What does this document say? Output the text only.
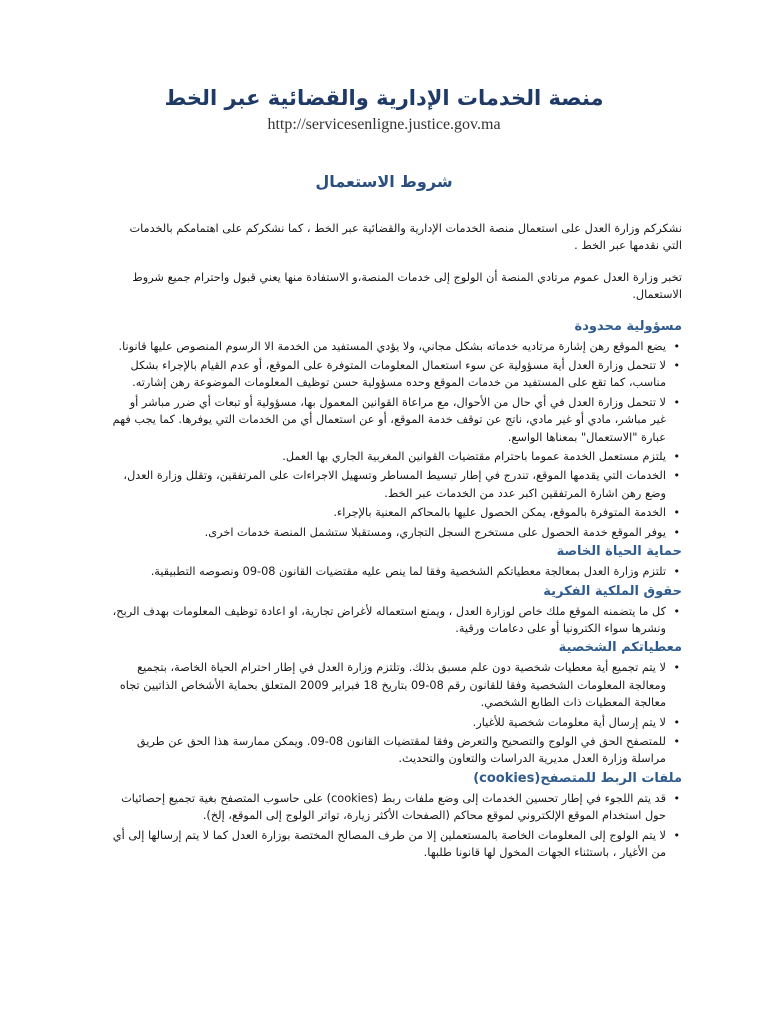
منصة الخدمات الإدارية والقضائية عبر الخط
http://servicesenligne.justice.gov.ma
شروط الاستعمال

نشكركم وزارة العدل على استعمال منصة الخدمات الإدارية والقضائية عبر الخط ، كما نشكركم على اهتمامكم بالخدمات التي نقدمها عبر الخط .

تخبر وزارة العدل عموم مرتادي المنصة أن الولوج إلى خدمات المنصة،و الاستفادة منها يعني قبول واحترام جميع شروط الاستعمال.

مسؤولية محدودة
• يضع الموقع رهن إشارة مرتاديه خدماته بشكل مجاني، ولا يؤدي المستفيد من الخدمة الا الرسوم المنصوص عليها قانونا.
• لا تتحمل وزارة العدل أية مسؤولية عن سوء استعمال المعلومات المتوفرة على الموقع، أو عدم القيام بالإجراء بشكل مناسب، كما تقع على المستفيد من خدمات الموقع وحده مسؤولية حسن توظيف المعلومات الموضوعة رهن إشارته.
• لا تتحمل وزارة العدل في أي حال من الأحوال، مع مراعاة القوانين المعمول بها، مسؤولية أو تبعات أي ضرر مباشر أو غير مباشر، مادي أو غير مادي، ناتج عن توقف خدمة الموقع، أو عن استعمال أي من الخدمات التي يوفرها. كما يجب فهم عبارة "الاستعمال" بمعناها الواسع.
• يلتزم مستعمل الخدمة عموما باحترام مقتضيات القوانين المغربية الجاري بها العمل.
• الخدمات التي يقدمها الموقع، تندرج في إطار تبسيط المساطر وتسهيل الاجراءات على المرتفقين، وتقلل وزارة العدل، وضع رهن اشارة المرتفقين اكبر عدد من الخدمات عبر الخط.
• الخدمة المتوفرة بالموقع، يمكن الحصول عليها بالمحاكم المعنية بالإجراء.
• يوفر الموقع خدمة الحصول على مستخرج السجل التجاري، ومستقبلا ستشمل المنصة خدمات اخرى.
حماية الحياة الخاصة
• تلتزم وزارة العدل بمعالجة معطياتكم الشخصية وفقا لما ينص عليه مقتضيات القانون 08-09 ونصوصه التطبيقية.
حقوق الملكية الفكرية
• كل ما يتضمنه الموقع ملك خاص لوزارة العدل ، ويمنع استعماله لأغراض تجارية، او اعادة توظيف المعلومات بهدف الربح، ونشرها سواء الكترونيا أو على دعامات ورقية.
معطياتكم الشخصية
• لا يتم تجميع أية معطيات شخصية دون علم مسبق بذلك. وتلتزم وزارة العدل في إطار احترام الحياة الخاصة، بتجميع ومعالجة المعلومات الشخصية وفقا للقانون رقم 08-09 بتاريخ 18 فبراير 2009 المتعلق بحماية الأشخاص الذاتيين تجاه معالجة المعطيات ذات الطابع الشخصي.
• لا يتم إرسال أية معلومات شخصية للأغيار.
• للمتصفح الحق في الولوج والتصحيح والتعرض وفقا لمقتضيات القانون 08-09. ويمكن ممارسة هذا الحق عن طريق مراسلة وزارة العدل مديرية الدراسات والتعاون والتحديث.
ملفات الربط للمتصفح(cookies)
• قد يتم اللجوء في إطار تحسين الخدمات إلى وضع ملفات ربط (cookies) على حاسوب المتصفح بغية تجميع إحصائيات حول استخدام الموقع الإلكتروني لموقع محاكم (الصفحات الأكثر زيارة، تواتر الولوج إلى الموقع، إلخ).
• لا يتم الولوج إلى المعلومات الخاصة بالمستعملين إلا من طرف المصالح المختصة بوزارة العدل كما لا يتم إرسالها إلى أي من الأغيار ، باستثناء الجهات المخول لها قانونا طلبها.
